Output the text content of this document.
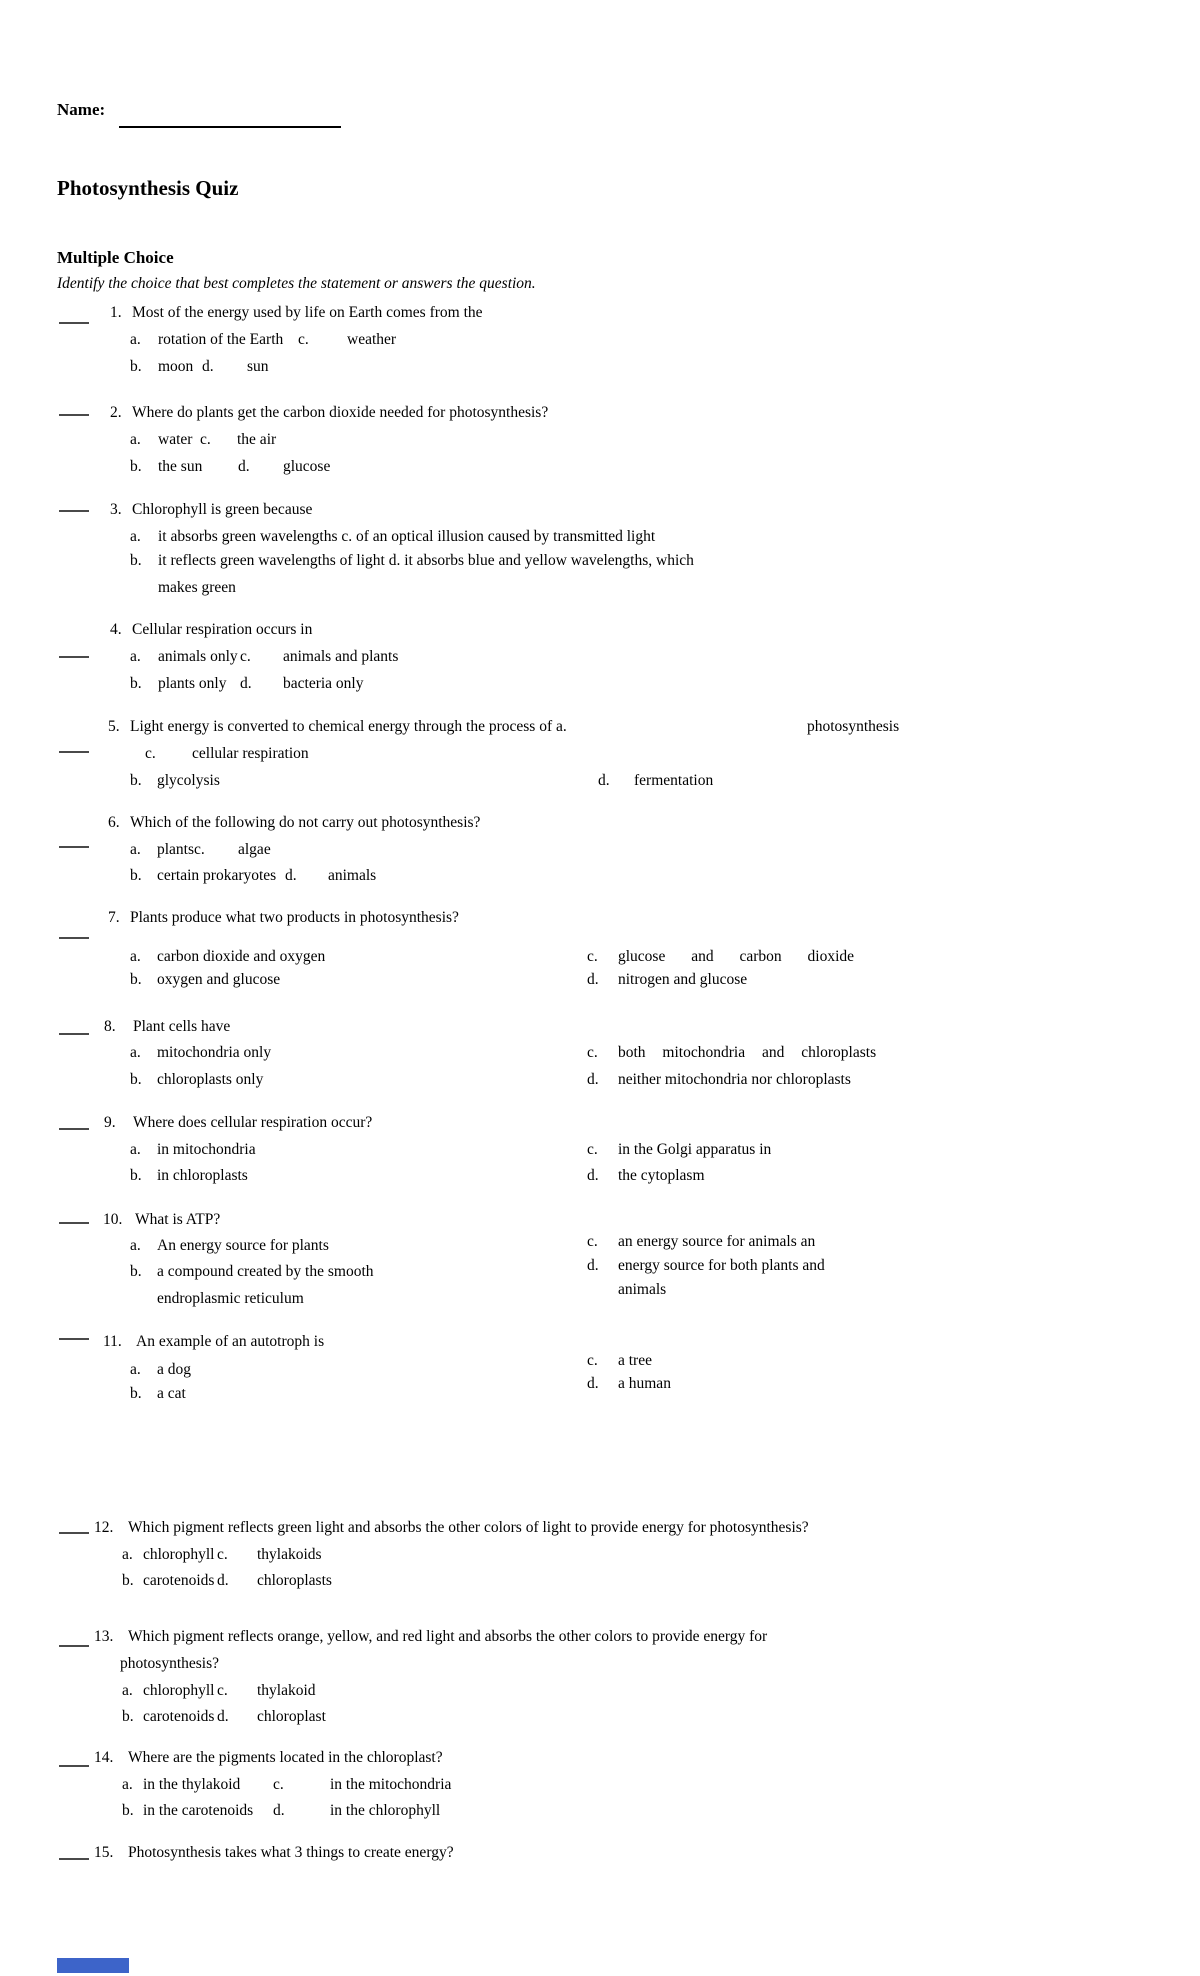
Name:
Photosynthesis Quiz
Multiple Choice
Identify the choice that best completes the statement or answers the question.
1. Most of the energy used by life on Earth comes from the
a. rotation of the Earth c. weather
b. moon d. sun
2. Where do plants get the carbon dioxide needed for photosynthesis?
a. water c. the air
b. the sun d. glucose
3. Chlorophyll is green because
a. it absorbs green wavelengths c. of an optical illusion caused by transmitted light
b. it reflects green wavelengths of light d. it absorbs blue and yellow wavelengths, which
makes green
4. Cellular respiration occurs in
a. animals only c. animals and plants
b. plants only d. bacteria only
5. Light energy is converted to chemical energy through the process of a.	photosynthesis
c. cellular respiration
b. glycolysis	d. fermentation
6. Which of the following do not carry out photosynthesis?
a. plants c. algae
b. certain prokaryotes d. animals
7. Plants produce what two products in photosynthesis?
a. carbon dioxide and oxygen	c. glucose and carbon dioxide
b. oxygen and glucose	d. nitrogen and glucose
8. Plant cells have
a. mitochondria only	c. both mitochondria and chloroplasts
b. chloroplasts only	d. neither mitochondria nor chloroplasts
9. Where does cellular respiration occur?
a. in mitochondria	c. in the Golgi apparatus in
b. in chloroplasts	d. the cytoplasm
10. What is ATP?
c. an energy source for animals an
a. An energy source for plants
d. energy source for both plants and
b. a compound created by the smooth
animals
endroplasmic reticulum
11. An example of an autotroph is
c. a tree
a. a dog
d. a human
b. a cat
12. Which pigment reflects green light and absorbs the other colors of light to provide energy for photosynthesis?
a. chlorophyll c. thylakoids
b. carotenoids d. chloroplasts
13. Which pigment reflects orange, yellow, and red light and absorbs the other colors to provide energy for
photosynthesis?
a. chlorophyll c. thylakoid
b. carotenoids d. chloroplast
14. Where are the pigments located in the chloroplast?
a. in the thylakoid c.	in the mitochondria
b. in the carotenoids d.	in the chlorophyll
15. Photosynthesis takes what 3 things to create energy?
